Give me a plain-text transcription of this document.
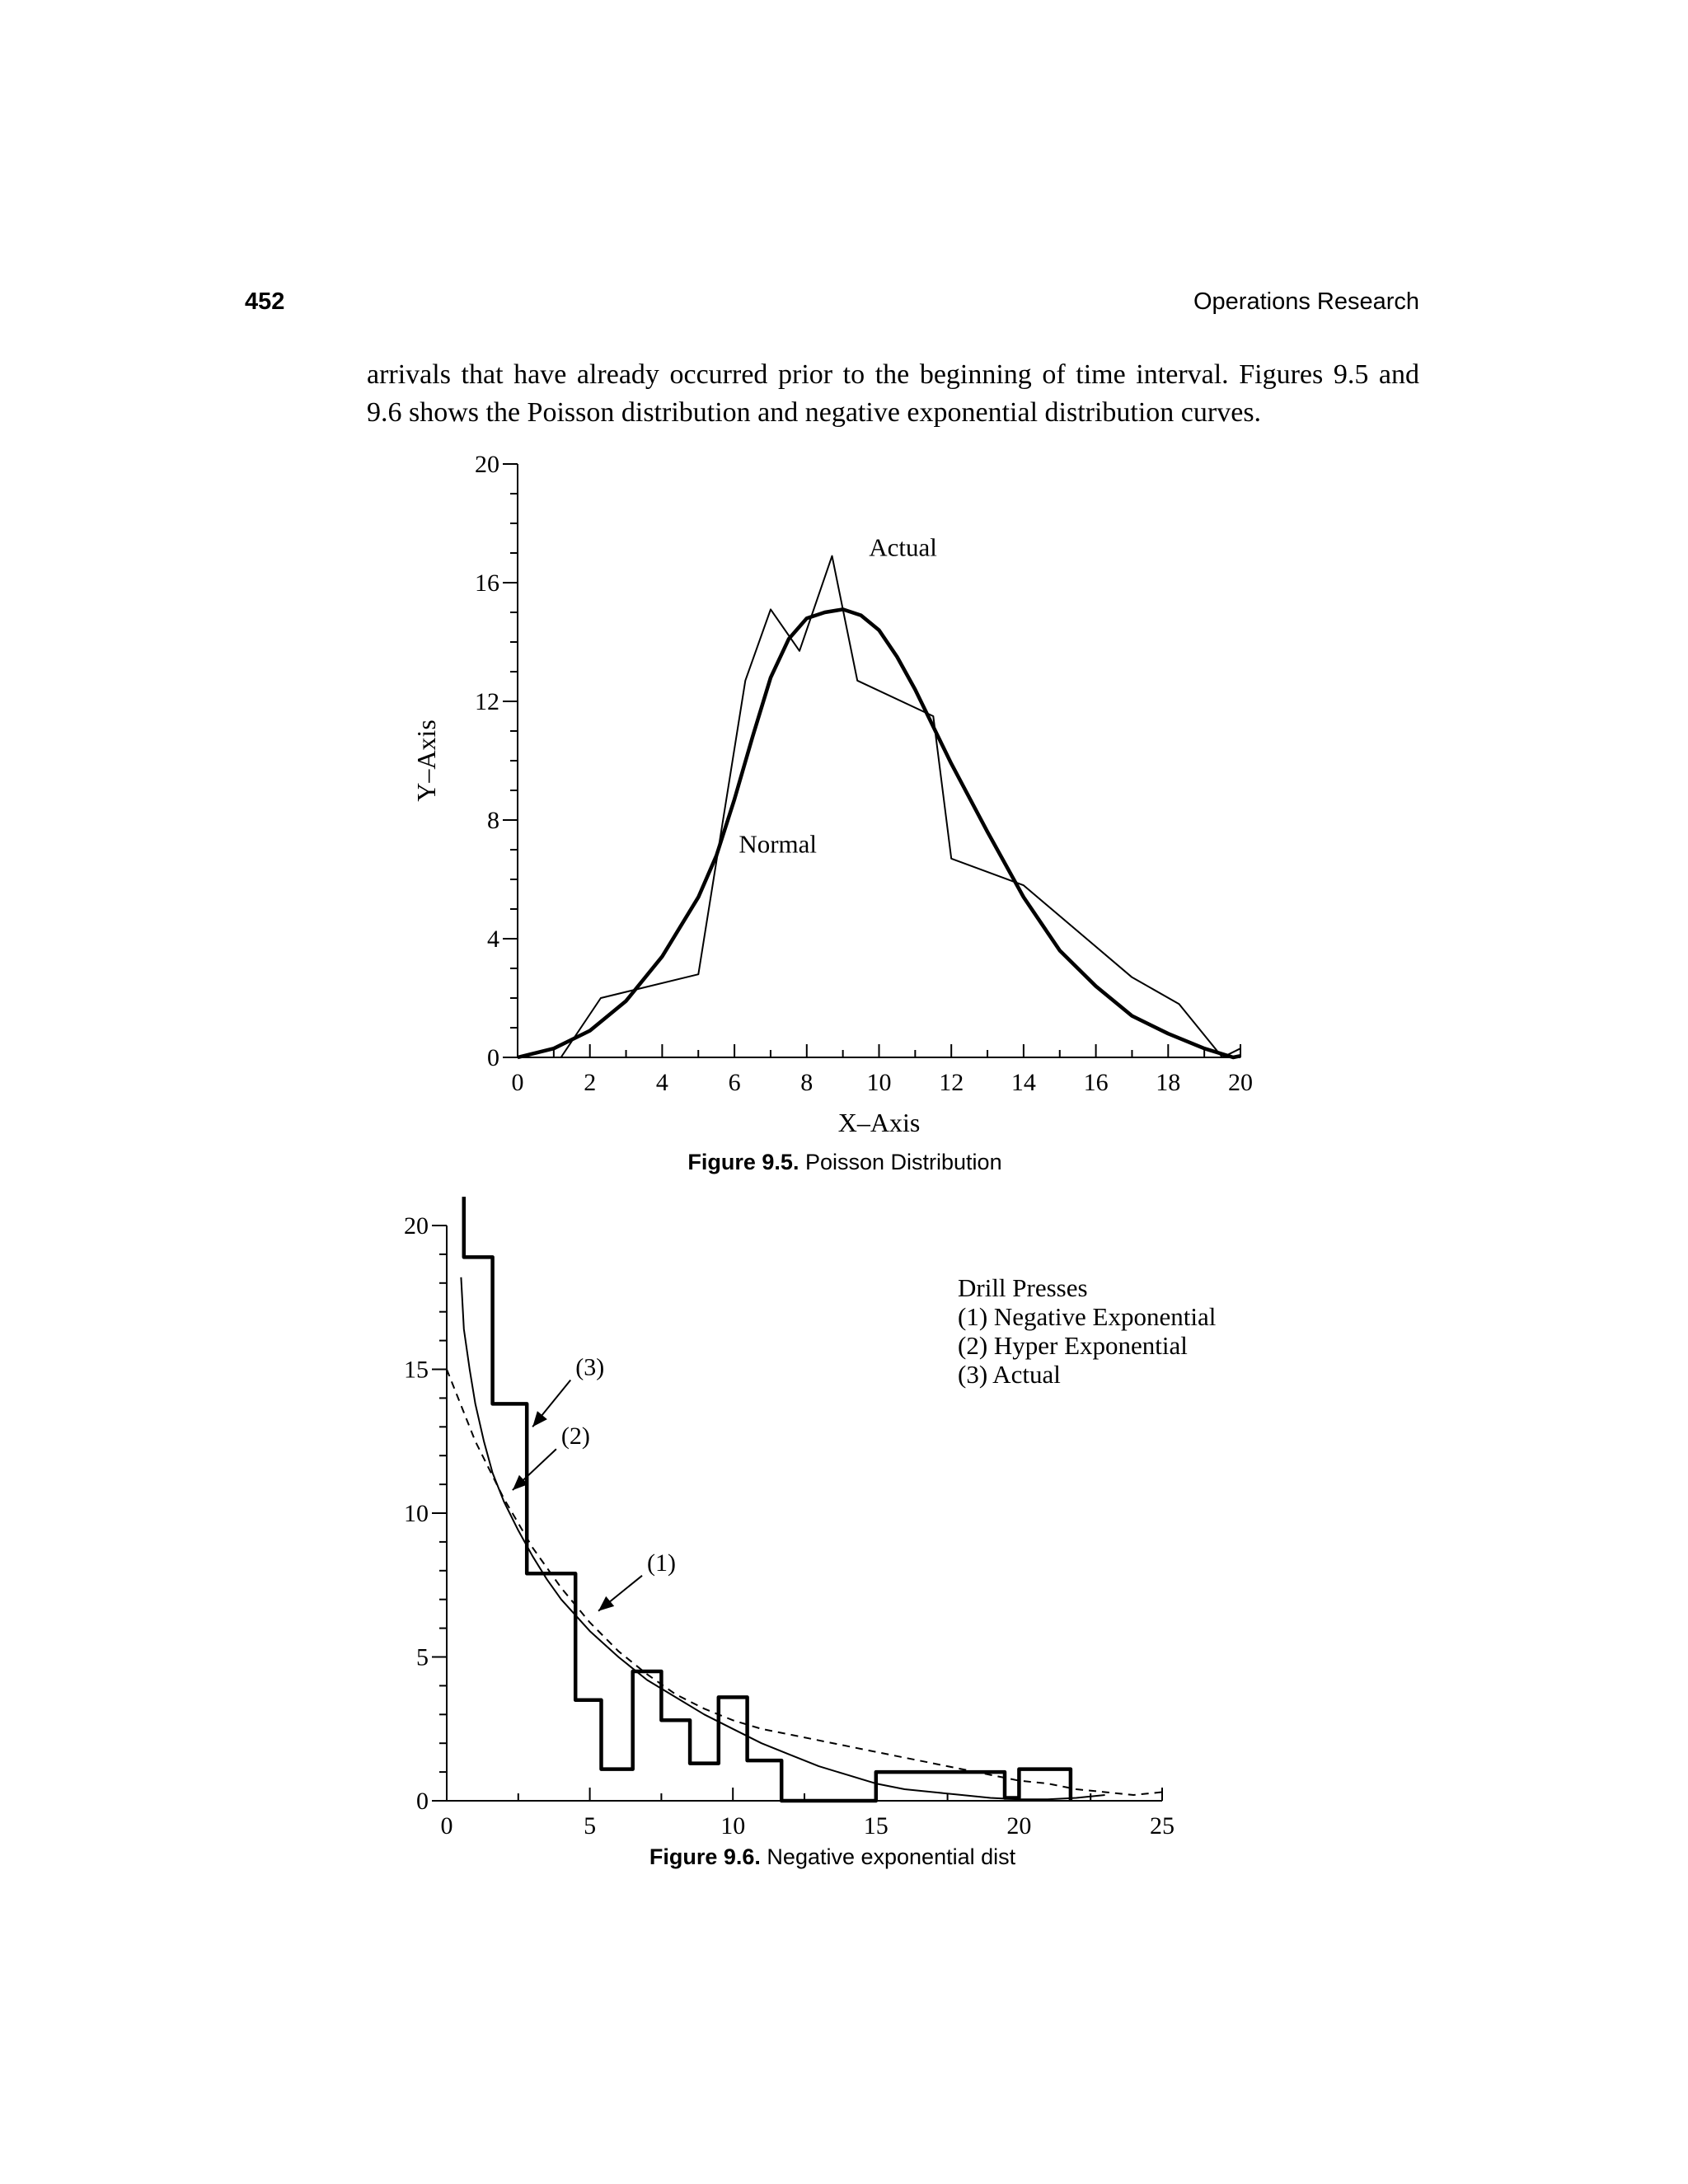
452	Operations Research

arrivals that have already occurred prior to the beginning of time interval. Figures 9.5 and

9.6 shows the Poisson distribution and negative exponential distribution curves.

0
4
8
12
16
20
0 2 4 6 8 10 12 14 16 18 20
X–Axis
Y–Axis
Actual
Normal
Figure 9.5. Poisson Distribution
0
5
10
15
20
0	5	10	15	20	25
(3)
(2)
(1)
Drill Presses
(1) Negative Exponential
(2) Hyper Exponential
(3) Actual
Figure 9.6. Negative exponential dist
